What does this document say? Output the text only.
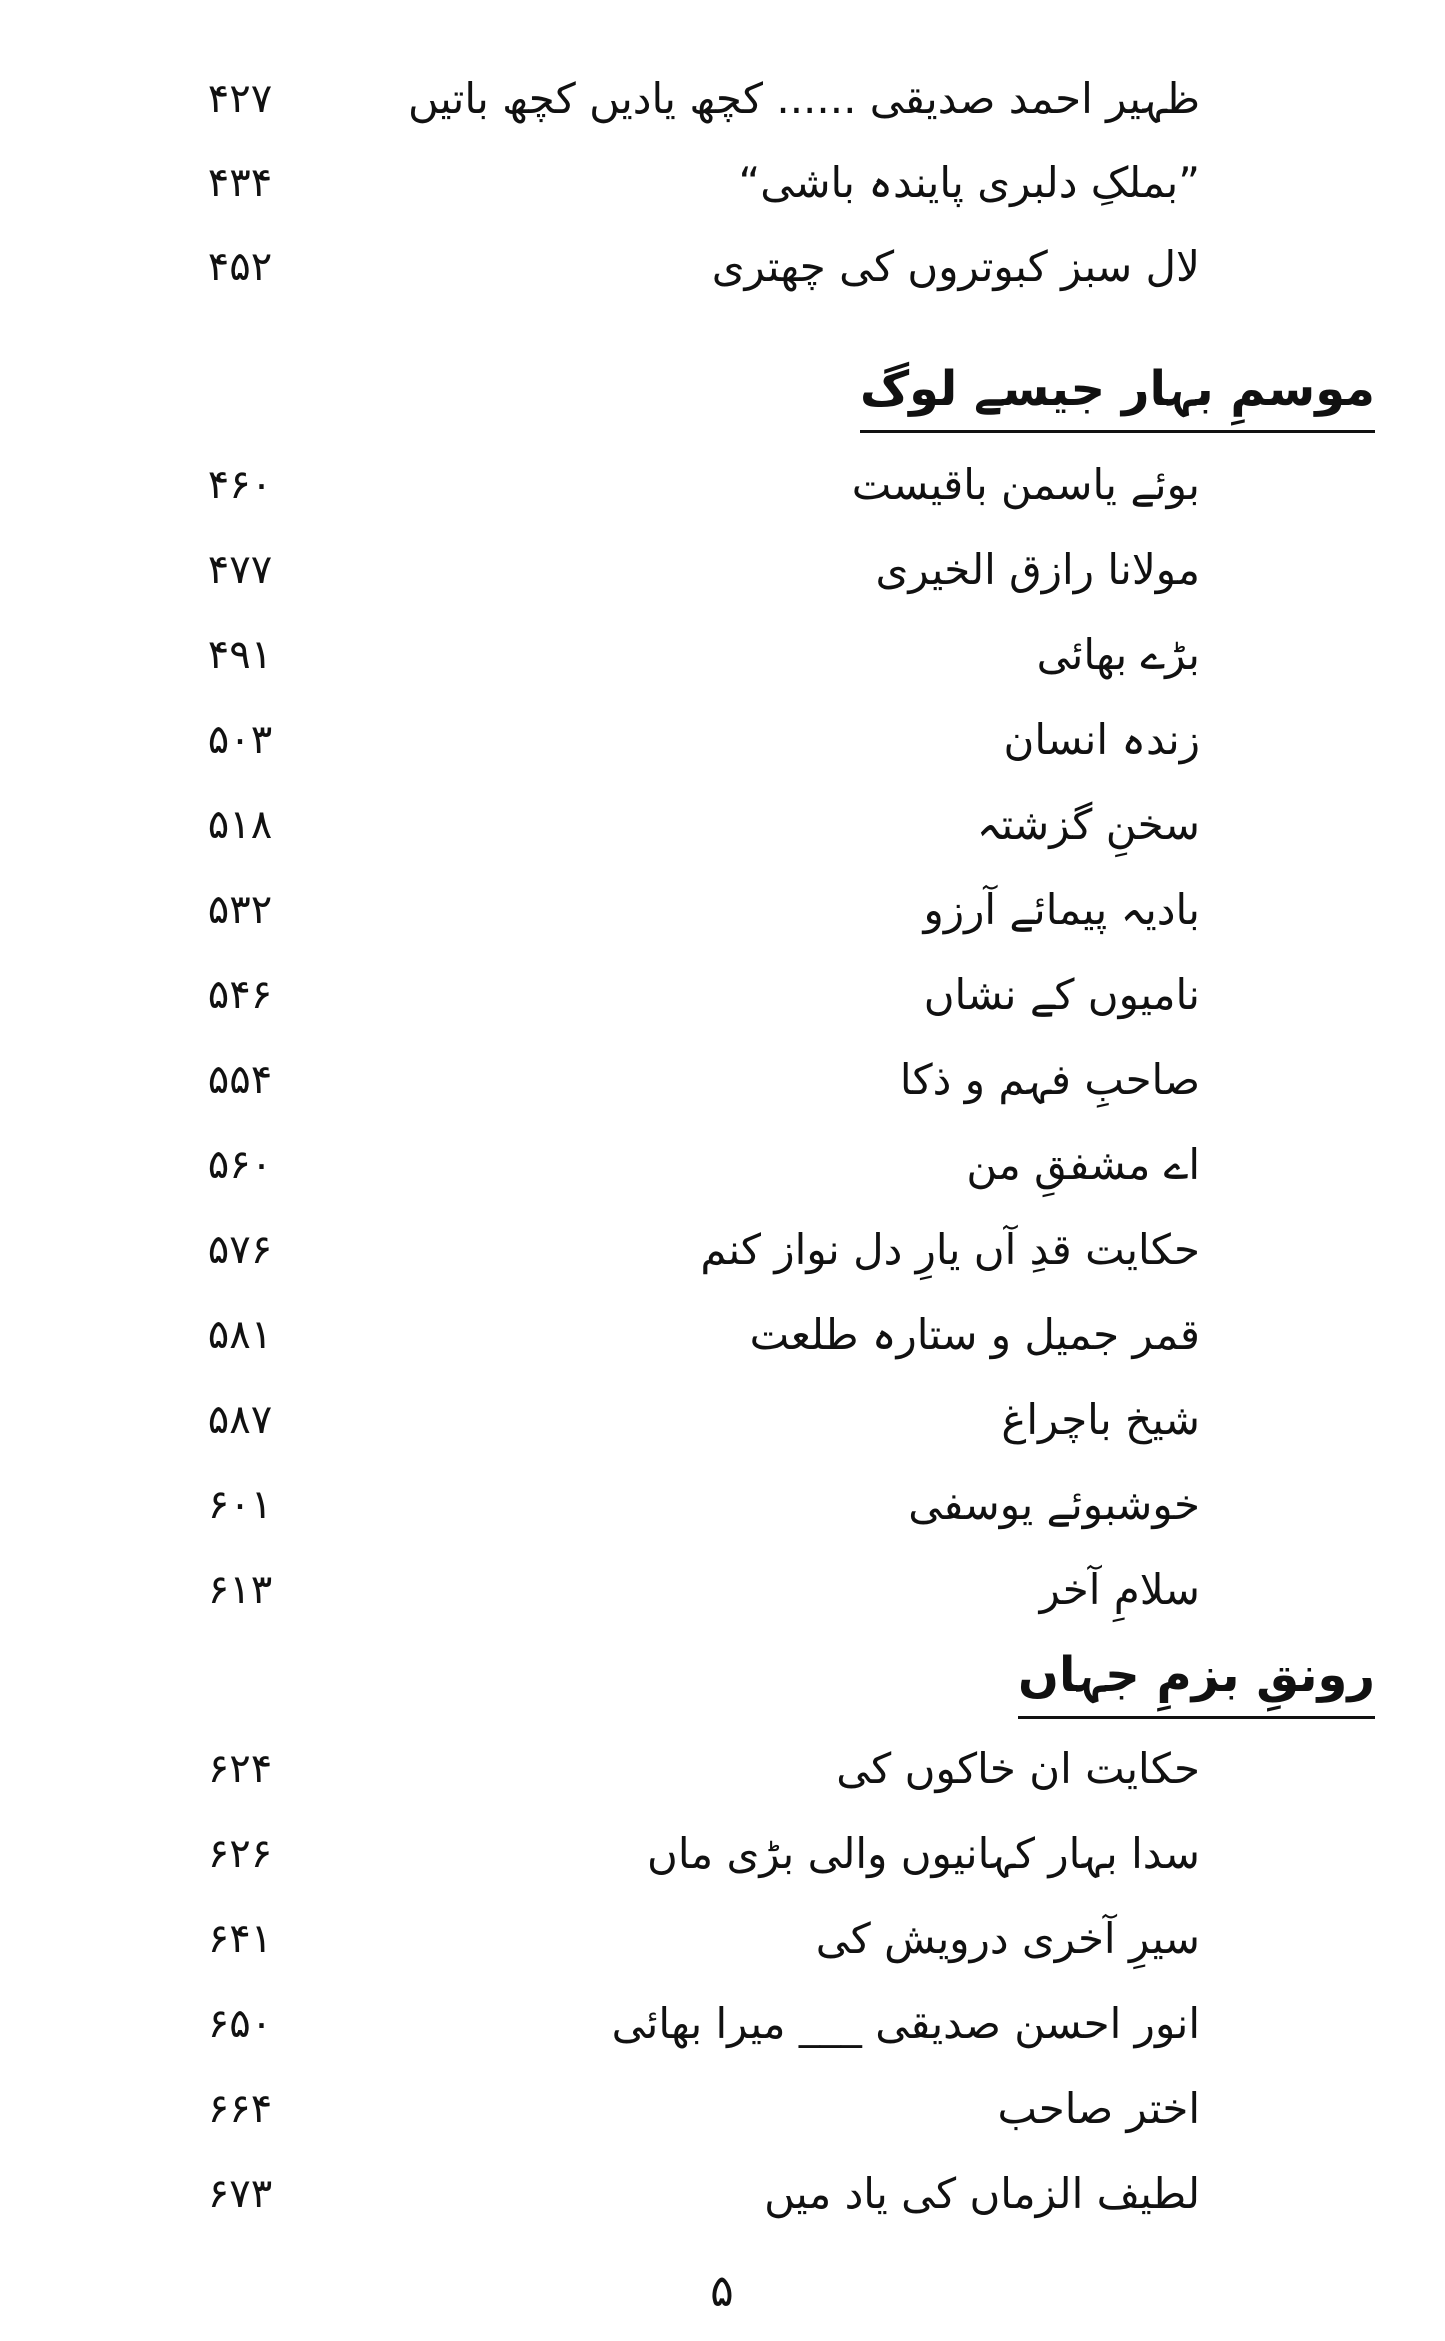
ظہیر احمد صدیقی ...... کچھ یادیں کچھ باتیں
۴۲۷
”بملکِ دلبری پایندہ باشی“
۴۳۴
لال سبز کبوتروں کی چھتری
۴۵۲
موسمِ بہار جیسے لوگ
بوئے یاسمن باقیست
۴۶۰
مولانا رازق الخیری
۴۷۷
بڑے بھائی
۴۹۱
زندہ انسان
۵۰۳
سخنِ گزشتہ
۵۱۸
بادیہ پیمائے آرزو
۵۳۲
ناميوں کے نشاں
۵۴۶
صاحبِ فہم و ذکا
۵۵۴
اے مشفقِ من
۵۶۰
حکایت قدِ آں یارِ دل نواز کنم
۵۷۶
قمر جمیل و ستارہ طلعت
۵۸۱
شیخ باچراغ
۵۸۷
خوشبوئے یوسفی
۶۰۱
سلامِ آخر
۶۱۳
رونقِ بزمِ جہاں
حکایت ان خاکوں کی
۶۲۴
سدا بہار کہانیوں والی بڑی ماں
۶۲۶
سیرِ آخری درویش کی
۶۴۱
انور احسن صدیقی ___ میرا بھائی
۶۵۰
اختر صاحب
۶۶۴
لطیف الزماں کی یاد میں
۶۷۳
۵
